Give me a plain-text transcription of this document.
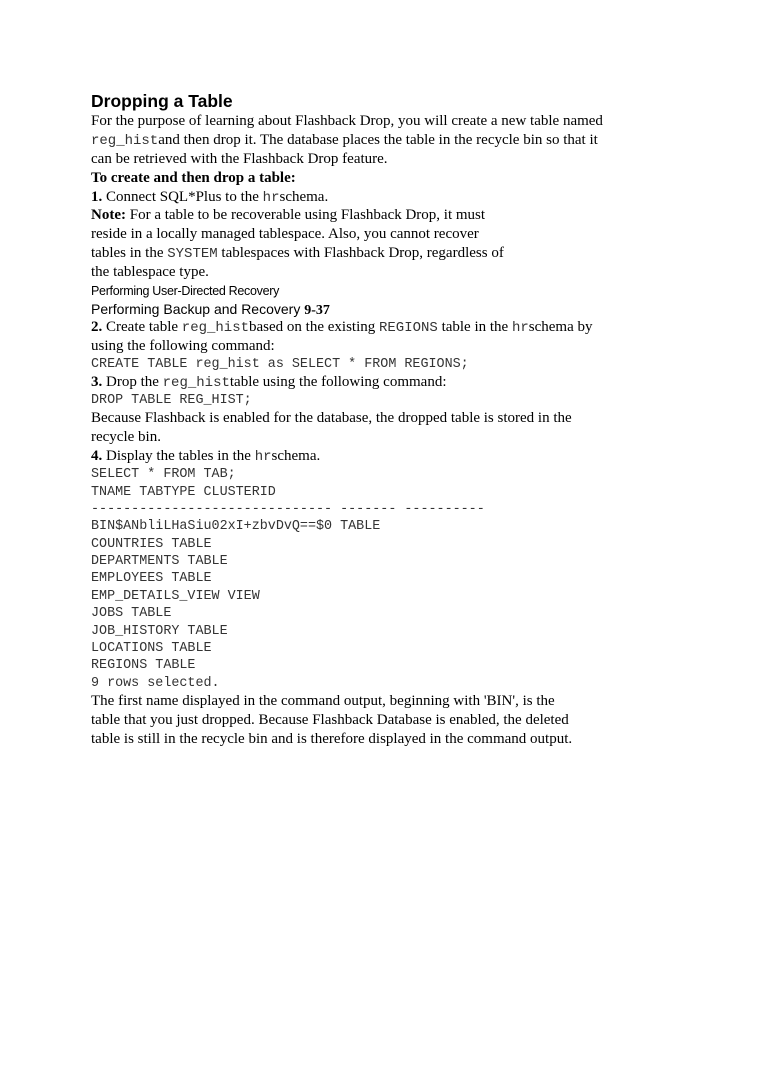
Dropping a Table
For the purpose of learning about Flashback Drop, you will create a new table named
reg_histand then drop it. The database places the table in the recycle bin so that it
can be retrieved with the Flashback Drop feature.
To create and then drop a table:
1. Connect SQL*Plus to the hrschema.
Note: For a table to be recoverable using Flashback Drop, it must
reside in a locally managed tablespace. Also, you cannot recover
tables in the SYSTEM tablespaces with Flashback Drop, regardless of
the tablespace type.
Performing User-Directed Recovery
Performing Backup and Recovery 9-37
2. Create table reg_histbased on the existing REGIONS table in the hrschema by
using the following command:
CREATE TABLE reg_hist as SELECT * FROM REGIONS;
3. Drop the reg_histtable using the following command:
DROP TABLE REG_HIST;
Because Flashback is enabled for the database, the dropped table is stored in the
recycle bin.
4. Display the tables in the hrschema.
SELECT * FROM TAB;
TNAME TABTYPE CLUSTERID
------------------------------ ------- ----------
BIN$ANbliLHaSiu02xI+zbvDvQ==$0 TABLE
COUNTRIES TABLE
DEPARTMENTS TABLE
EMPLOYEES TABLE
EMP_DETAILS_VIEW VIEW
JOBS TABLE
JOB_HISTORY TABLE
LOCATIONS TABLE
REGIONS TABLE
9 rows selected.
The first name displayed in the command output, beginning with 'BIN', is the
table that you just dropped. Because Flashback Database is enabled, the deleted
table is still in the recycle bin and is therefore displayed in the command output.
